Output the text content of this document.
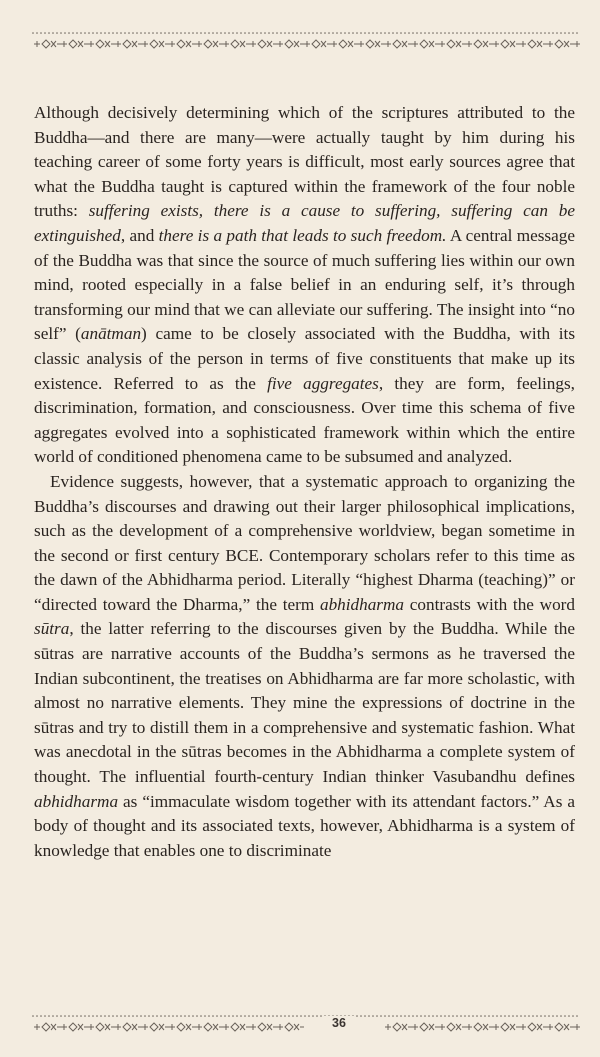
Although decisively determining which of the scriptures attributed to the Buddha—and there are many—were actually taught by him during his teaching career of some forty years is difficult, most early sources agree that what the Buddha taught is captured within the framework of the four noble truths: suffering exists, there is a cause to suffering, suffering can be extinguished, and there is a path that leads to such freedom. A central message of the Buddha was that since the source of much suffering lies within our own mind, rooted especially in a false belief in an enduring self, it’s through transforming our mind that we can alleviate our suffering. The insight into “no self” (anātman) came to be closely associated with the Buddha, with its classic analysis of the person in terms of five constituents that make up its existence. Referred to as the five aggregates, they are form, feelings, discrimination, formation, and consciousness. Over time this schema of five aggregates evolved into a sophisticated framework within which the entire world of conditioned phenomena came to be subsumed and analyzed.

Evidence suggests, however, that a systematic approach to organizing the Buddha’s discourses and drawing out their larger philosophical implications, such as the development of a comprehensive worldview, began sometime in the second or first century BCE. Contemporary scholars refer to this time as the dawn of the Abhidharma period. Literally “highest Dharma (teaching)” or “directed toward the Dharma,” the term abhidharma contrasts with the word sūtra, the latter referring to the discourses given by the Buddha. While the sūtras are narrative accounts of the Buddha’s sermons as he traversed the Indian subcontinent, the treatises on Abhidharma are far more scholastic, with almost no narrative elements. They mine the expressions of doctrine in the sūtras and try to distill them in a comprehensive and systematic fashion. What was anecdotal in the sūtras becomes in the Abhidharma a complete system of thought. The influential fourth-century Indian thinker Vasubandhu defines abhidharma as “immaculate wisdom together with its attendant factors.” As a body of thought and its associated texts, however, Abhidharma is a system of knowledge that enables one to discriminate

36
